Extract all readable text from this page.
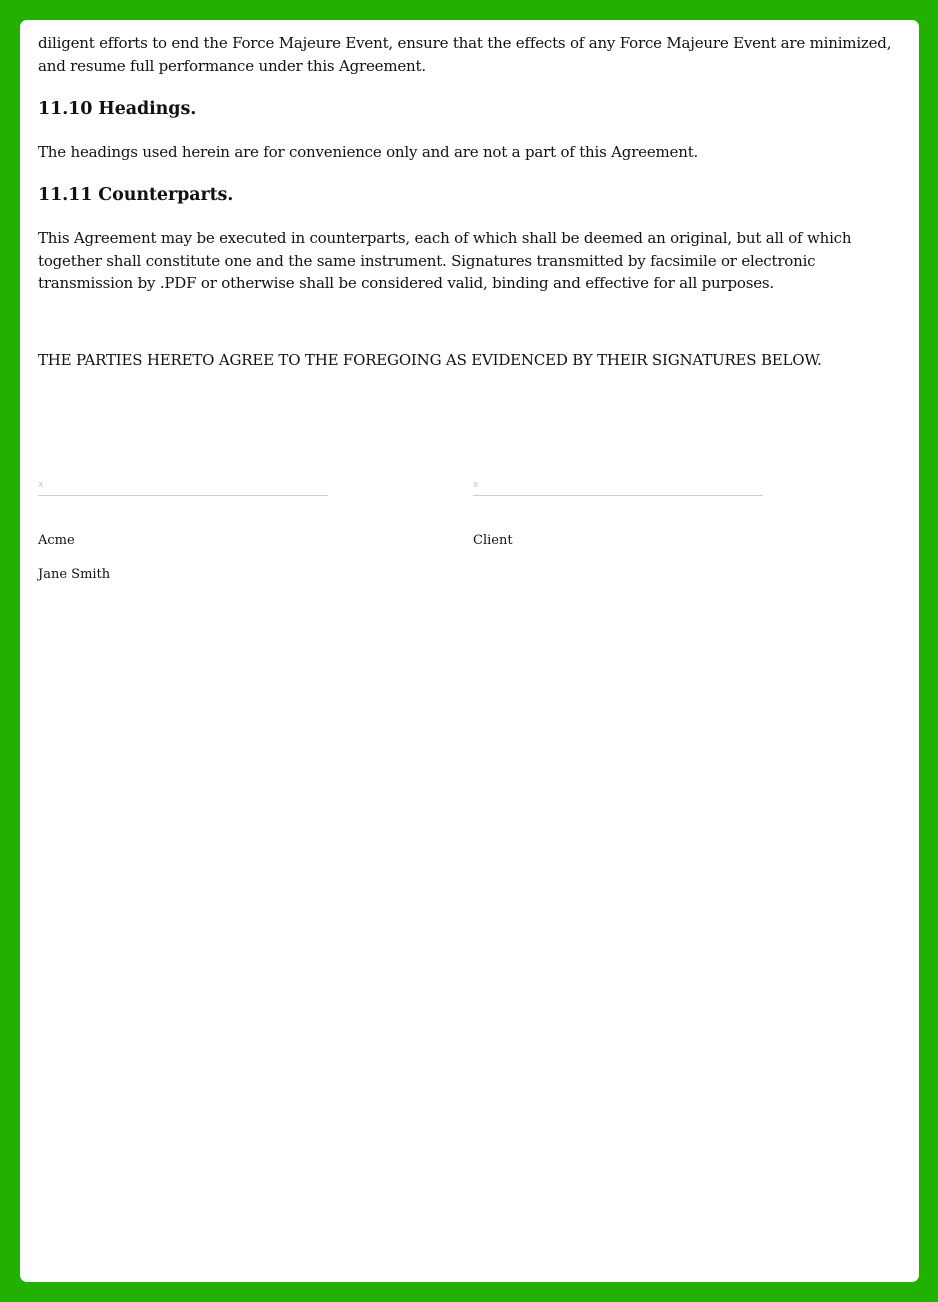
diligent efforts to end the Force Majeure Event, ensure that the effects of any Force Majeure Event are minimized, and resume full performance under this Agreement.

11.10 Headings.

The headings used herein are for convenience only and are not a part of this Agreement.

11.11 Counterparts.

This Agreement may be executed in counterparts, each of which shall be deemed an original, but all of which together shall constitute one and the same instrument. Signatures transmitted by facsimile or electronic transmission by .PDF or otherwise shall be considered valid, binding and effective for all purposes.

THE PARTIES HERETO AGREE TO THE FOREGOING AS EVIDENCED BY THEIR SIGNATURES BELOW.

x
Acme
Jane Smith
x
Client
